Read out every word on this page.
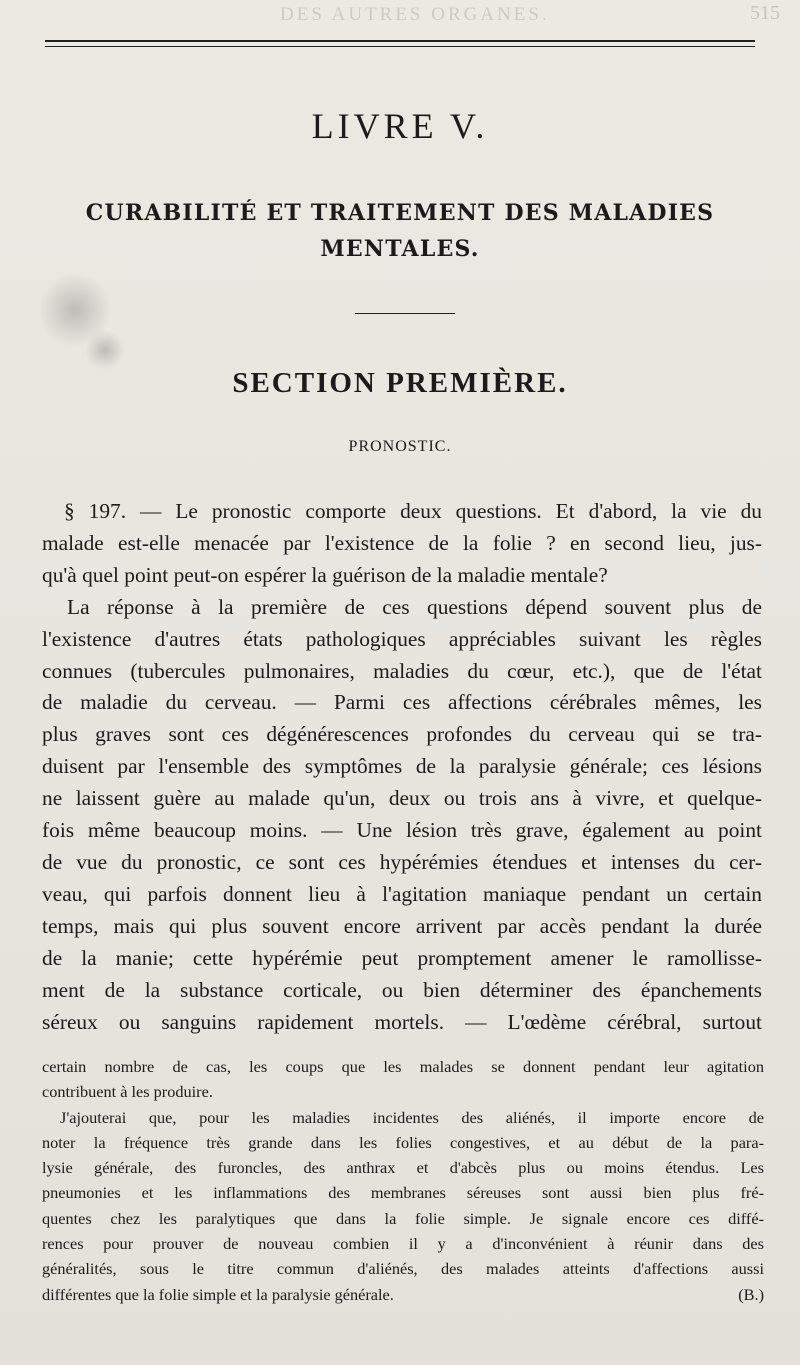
DES AUTRES ORGANES.	515
LIVRE V.
CURABILITÉ ET TRAITEMENT DES MALADIES
MENTALES.
SECTION PREMIÈRE.
PRONOSTIC.
§ 197. — Le pronostic comporte deux questions. Et d'abord, la vie du
malade est-elle menacée par l'existence de la folie ? en second lieu, jus-
qu'à quel point peut-on espérer la guérison de la maladie mentale?
La réponse à la première de ces questions dépend souvent plus de
l'existence d'autres états pathologiques appréciables suivant les règles
connues (tubercules pulmonaires, maladies du cœur, etc.), que de l'état
de maladie du cerveau. — Parmi ces affections cérébrales mêmes, les
plus graves sont ces dégénérescences profondes du cerveau qui se tra-
duisent par l'ensemble des symptômes de la paralysie générale; ces lésions
ne laissent guère au malade qu'un, deux ou trois ans à vivre, et quelque-
fois même beaucoup moins. — Une lésion très grave, également au point
de vue du pronostic, ce sont ces hypérémies étendues et intenses du cer-
veau, qui parfois donnent lieu à l'agitation maniaque pendant un certain
temps, mais qui plus souvent encore arrivent par accès pendant la durée
de la manie; cette hypérémie peut promptement amener le ramollisse-
ment de la substance corticale, ou bien déterminer des épanchements
séreux ou sanguins rapidement mortels. — L'œdème cérébral, surtout
certain nombre de cas, les coups que les malades se donnent pendant leur agitation
contribuent à les produire.
J'ajouterai que, pour les maladies incidentes des aliénés, il importe encore de
noter la fréquence très grande dans les folies congestives, et au début de la para-
lysie générale, des furoncles, des anthrax et d'abcès plus ou moins étendus. Les
pneumonies et les inflammations des membranes séreuses sont aussi bien plus fré-
quentes chez les paralytiques que dans la folie simple. Je signale encore ces diffé-
rences pour prouver de nouveau combien il y a d'inconvénient à réunir dans des
généralités, sous le titre commun d'aliénés, des malades atteints d'affections aussi
différentes que la folie simple et la paralysie générale.	(B.)
